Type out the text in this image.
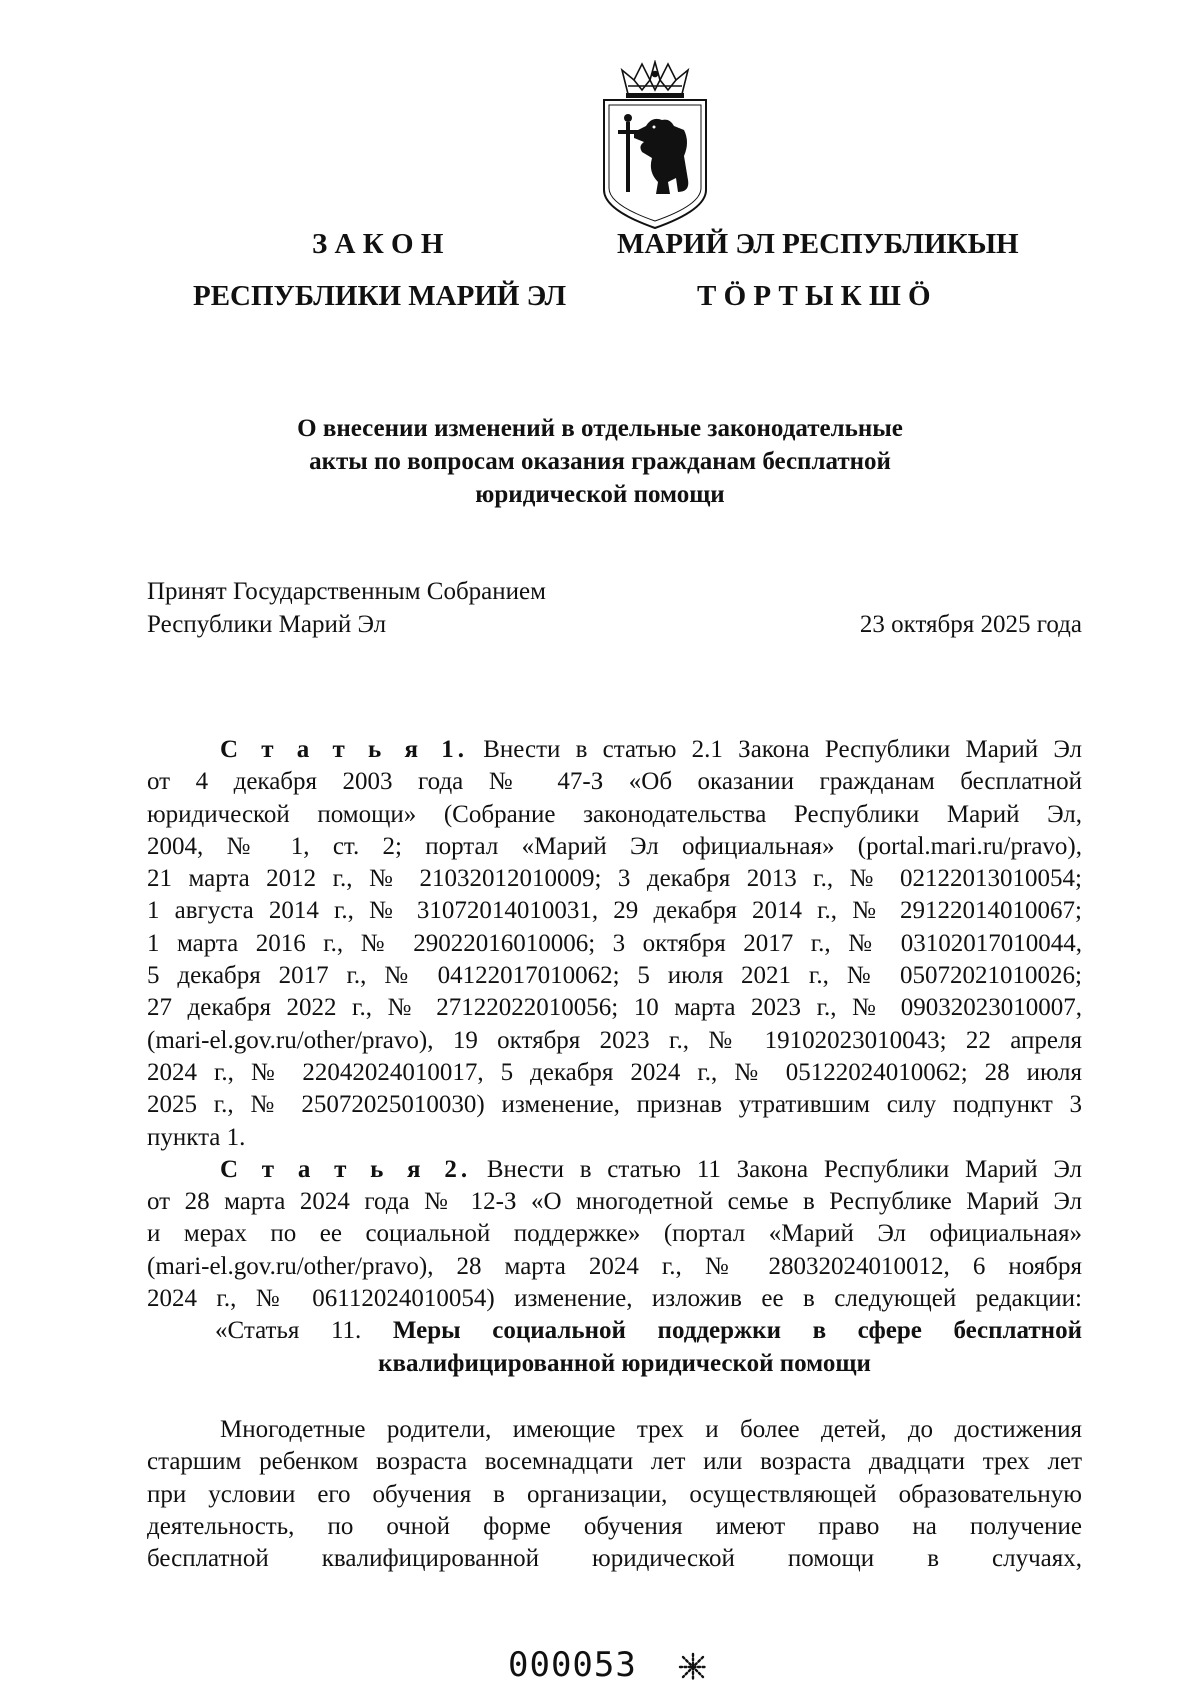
З А К О Н	МАРИЙ ЭЛ РЕСПУБЛИКЫН
РЕСПУБЛИКИ МАРИЙ ЭЛ	Т Ö Р Т Ы К Ш Ö
О внесении изменений в отдельные законодательные
акты по вопросам оказания гражданам бесплатной
юридической помощи
Принят Государственным Собранием
Республики Марий Эл	23 октября 2025 года
С т а т ь я 1. Внести в статью 2.1 Закона Республики Марий Эл
от 4 декабря 2003 года № 47-З «Об оказании гражданам бесплатной
юридической помощи» (Собрание законодательства Республики Марий Эл,
2004, № 1, ст. 2; портал «Марий Эл официальная» (portal.mari.ru/pravo),
21 марта 2012 г., № 21032012010009; 3 декабря 2013 г., № 02122013010054;
1 августа 2014 г., № 31072014010031, 29 декабря 2014 г., № 29122014010067;
1 марта 2016 г., № 29022016010006; 3 октября 2017 г., № 03102017010044,
5 декабря 2017 г., № 04122017010062; 5 июля 2021 г., № 05072021010026;
27 декабря 2022 г., № 27122022010056; 10 марта 2023 г., № 09032023010007,
(mari-el.gov.ru/other/pravo), 19 октября 2023 г., № 19102023010043; 22 апреля
2024 г., № 22042024010017, 5 декабря 2024 г., № 05122024010062; 28 июля
2025 г., № 25072025010030) изменение, признав утратившим силу подпункт 3
пункта 1.
С т а т ь я 2. Внести в статью 11 Закона Республики Марий Эл
от 28 марта 2024 года № 12-З «О многодетной семье в Республике Марий Эл
и мерах по ее социальной поддержке» (портал «Марий Эл официальная»
(mari-el.gov.ru/other/pravo), 28 марта 2024 г., № 28032024010012, 6 ноября
2024 г., № 06112024010054) изменение, изложив ее в следующей редакции:
«Статья 11. Меры социальной поддержки в сфере бесплатной
квалифицированной юридической помощи
Многодетные родители, имеющие трех и более детей, до достижения
старшим ребенком возраста восемнадцати лет или возраста двадцати трех лет
при условии его обучения в организации, осуществляющей образовательную
деятельность, по очной форме обучения имеют право на получение
бесплатной квалифицированной юридической помощи в случаях,
000053
